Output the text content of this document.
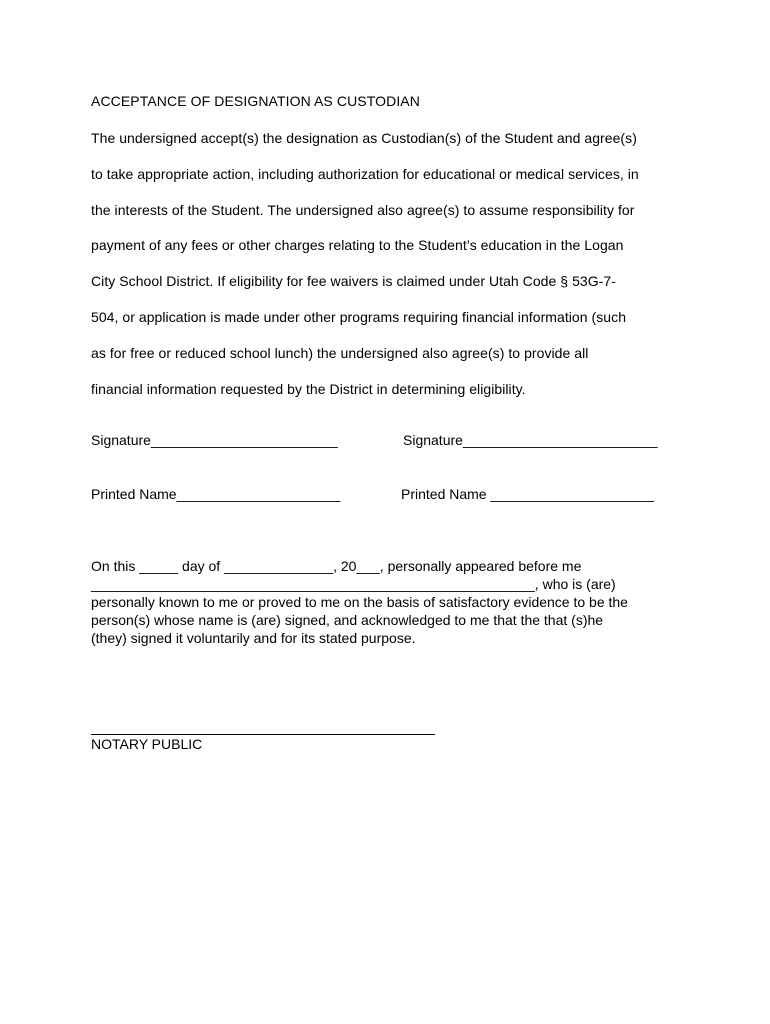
ACCEPTANCE OF DESIGNATION AS CUSTODIAN
The undersigned accept(s) the designation as Custodian(s) of the Student and agree(s)
to take appropriate action, including authorization for educational or medical services, in
the interests of the Student. The undersigned also agree(s) to assume responsibility for
payment of any fees or other charges relating to the Student’s education in the Logan
City School District. If eligibility for fee waivers is claimed under Utah Code § 53G-7-
504, or application is made under other programs requiring financial information (such
as for free or reduced school lunch) the undersigned also agree(s) to provide all
financial information requested by the District in determining eligibility.
Signature________________________	Signature_________________________
Printed Name_____________________	Printed Name _____________________
On this _____ day of ______________, 20___, personally appeared before me
_________________________________________________________, who is (are)
personally known to me or proved to me on the basis of satisfactory evidence to be the
person(s) whose name is (are) signed, and acknowledged to me that the that (s)he
(they) signed it voluntarily and for its stated purpose.
NOTARY PUBLIC
